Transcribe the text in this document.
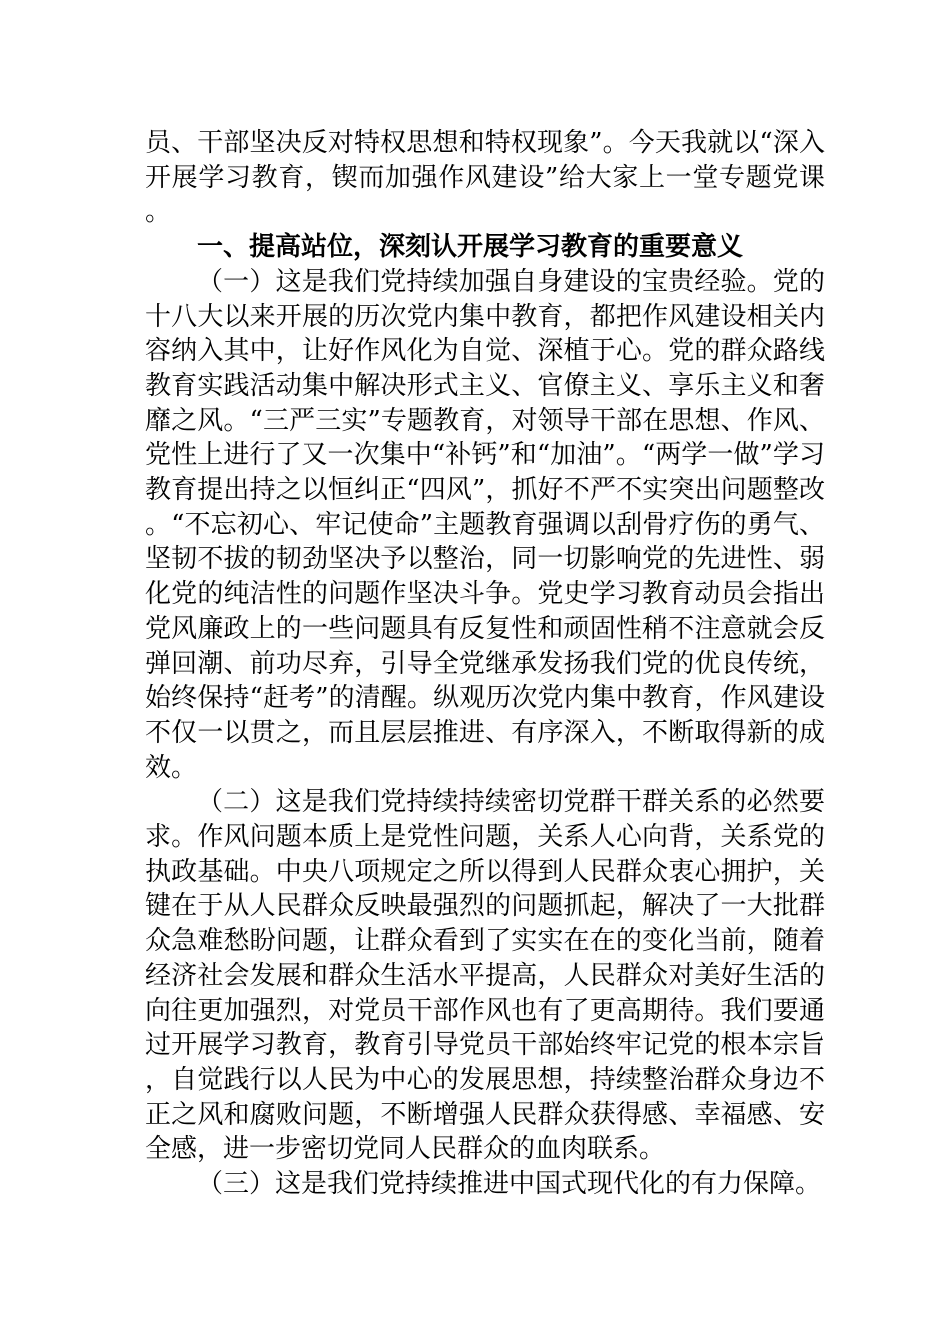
员、干部坚决反对特权思想和特权现象”。今天我就以“深入开展学习教育，锲而加强作风建设”给大家上一堂专题党课。

一、提高站位，深刻认开展学习教育的重要意义

（一）这是我们党持续加强自身建设的宝贵经验。党的十八大以来开展的历次党内集中教育，都把作风建设相关内容纳入其中，让好作风化为自觉、深植于心。党的群众路线教育实践活动集中解决形式主义、官僚主义、享乐主义和奢靡之风。“三严三实”专题教育，对领导干部在思想、作风、党性上进行了又一次集中“补钙”和“加油”。“两学一做”学习教育提出持之以恒纠正“四风”，抓好不严不实突出问题整改。“不忘初心、牢记使命”主题教育强调以刮骨疗伤的勇气、坚韧不拔的韧劲坚决予以整治，同一切影响党的先进性、弱化党的纯洁性的问题作坚决斗争。党史学习教育动员会指出党风廉政上的一些问题具有反复性和顽固性稍不注意就会反弹回潮、前功尽弃，引导全党继承发扬我们党的优良传统，始终保持“赶考”的清醒。纵观历次党内集中教育，作风建设不仅一以贯之，而且层层推进、有序深入，不断取得新的成效。

（二）这是我们党持续持续密切党群干群关系的必然要求。作风问题本质上是党性问题，关系人心向背，关系党的执政基础。中央八项规定之所以得到人民群众衷心拥护，关键在于从人民群众反映最强烈的问题抓起，解决了一大批群众急难愁盼问题，让群众看到了实实在在的变化当前，随着经济社会发展和群众生活水平提高，人民群众对美好生活的向往更加强烈，对党员干部作风也有了更高期待。我们要通过开展学习教育，教育引导党员干部始终牢记党的根本宗旨，自觉践行以人民为中心的发展思想，持续整治群众身边不正之风和腐败问题，不断增强人民群众获得感、幸福感、安全感，进一步密切党同人民群众的血肉联系。

（三）这是我们党持续推进中国式现代化的有力保障。
